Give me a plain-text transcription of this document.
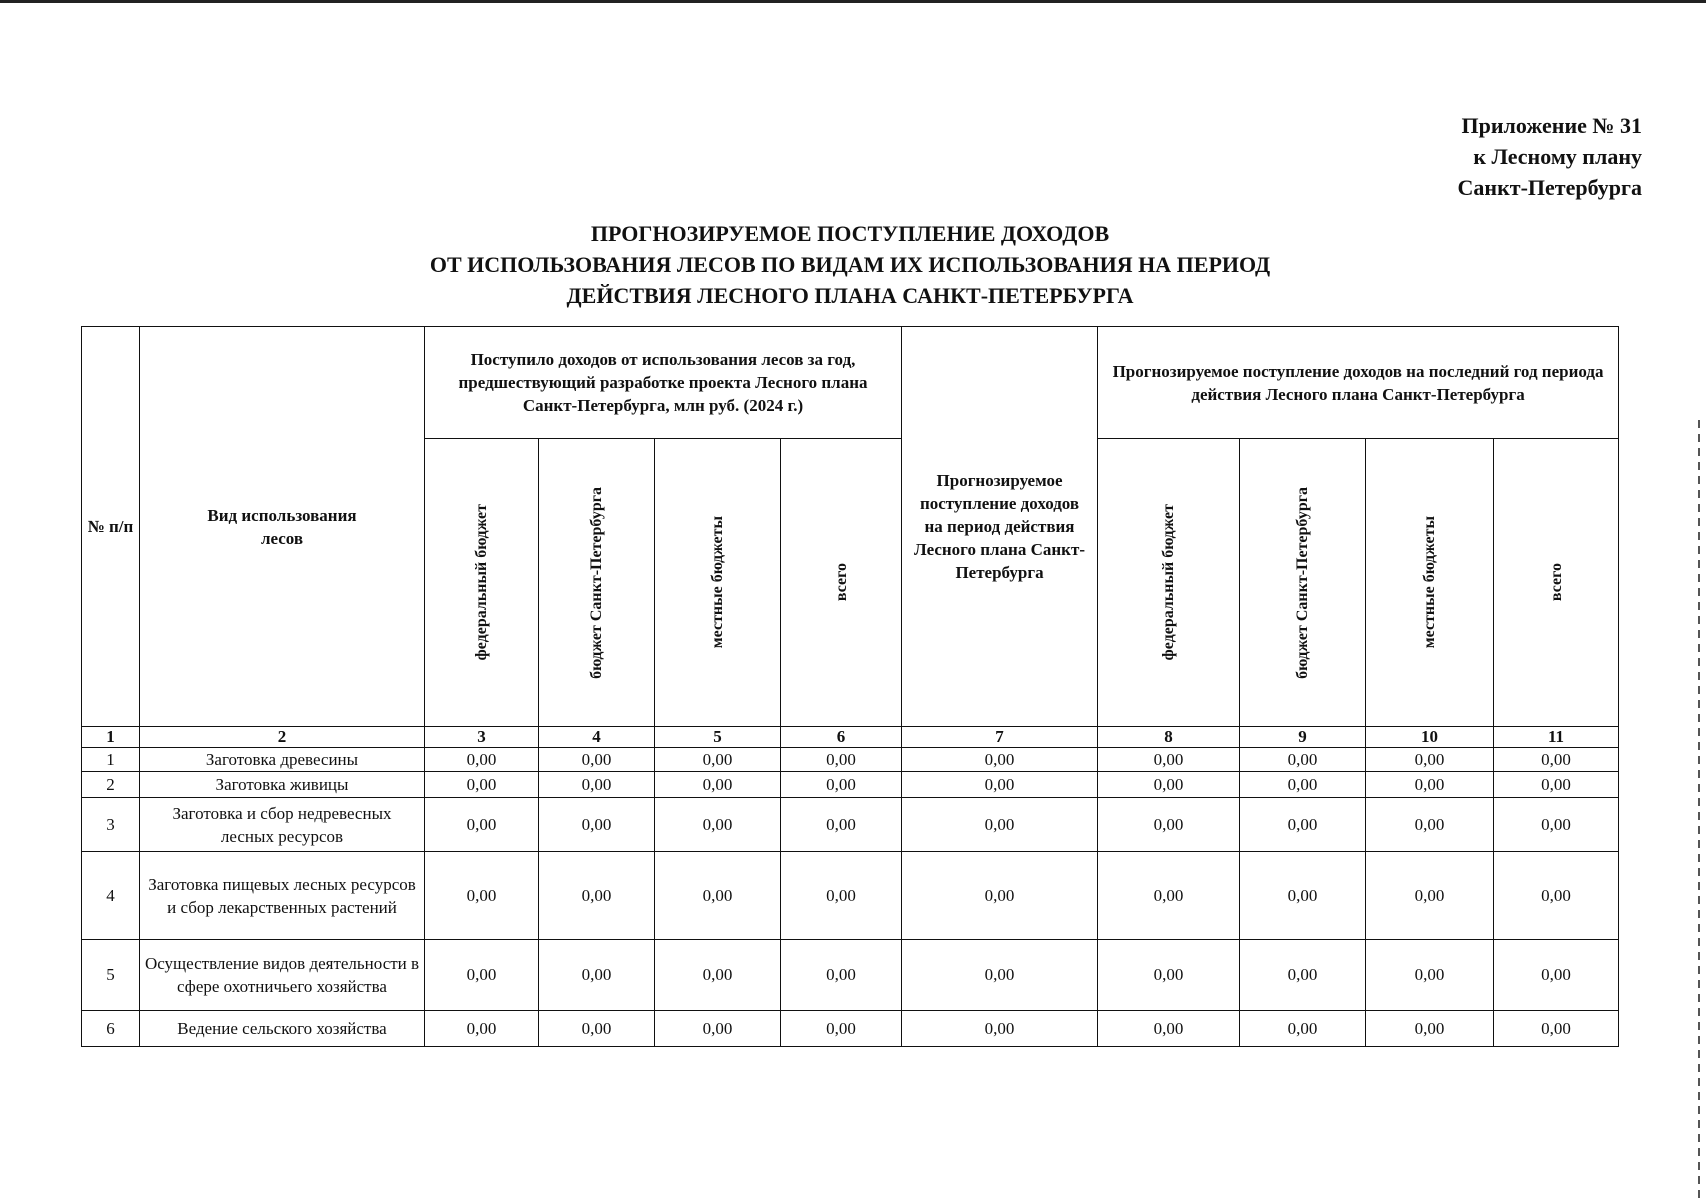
Приложение № 31
к Лесному плану
Санкт-Петербурга
ПРОГНОЗИРУЕМОЕ ПОСТУПЛЕНИЕ ДОХОДОВ
ОТ ИСПОЛЬЗОВАНИЯ ЛЕСОВ ПО ВИДАМ ИХ ИСПОЛЬЗОВАНИЯ НА ПЕРИОД
ДЕЙСТВИЯ ЛЕСНОГО ПЛАНА САНКТ-ПЕТЕРБУРГА
№ п/п	Вид использования лесов	Поступило доходов от использования лесов за год, предшествующий разработке проекта Лесного плана Санкт-Петербурга, млн руб. (2024 г.)				Прогнозируемое поступление доходов на период действия Лесного плана Санкт-Петербурга	Прогнозируемое поступление доходов на последний год периода действия Лесного плана Санкт-Петербурга			

		федеральный бюджет	бюджет Санкт-Петербурга	местные бюджеты	всего		федеральный бюджет	бюджет Санкт-Петербурга	местные бюджеты	всего

1	2	3	4	5	6	7	8	9	10	11
1	Заготовка древесины	0,00	0,00	0,00	0,00	0,00	0,00	0,00	0,00	0,00
2	Заготовка живицы	0,00	0,00	0,00	0,00	0,00	0,00	0,00	0,00	0,00
3	Заготовка и сбор недревесных лесных ресурсов	0,00	0,00	0,00	0,00	0,00	0,00	0,00	0,00	0,00
4	Заготовка пищевых лесных ресурсов и сбор лекарственных растений	0,00	0,00	0,00	0,00	0,00	0,00	0,00	0,00	0,00
5	Осуществление видов деятельности в сфере охотничьего хозяйства	0,00	0,00	0,00	0,00	0,00	0,00	0,00	0,00	0,00
6	Ведение сельского хозяйства	0,00	0,00	0,00	0,00	0,00	0,00	0,00	0,00	0,00
